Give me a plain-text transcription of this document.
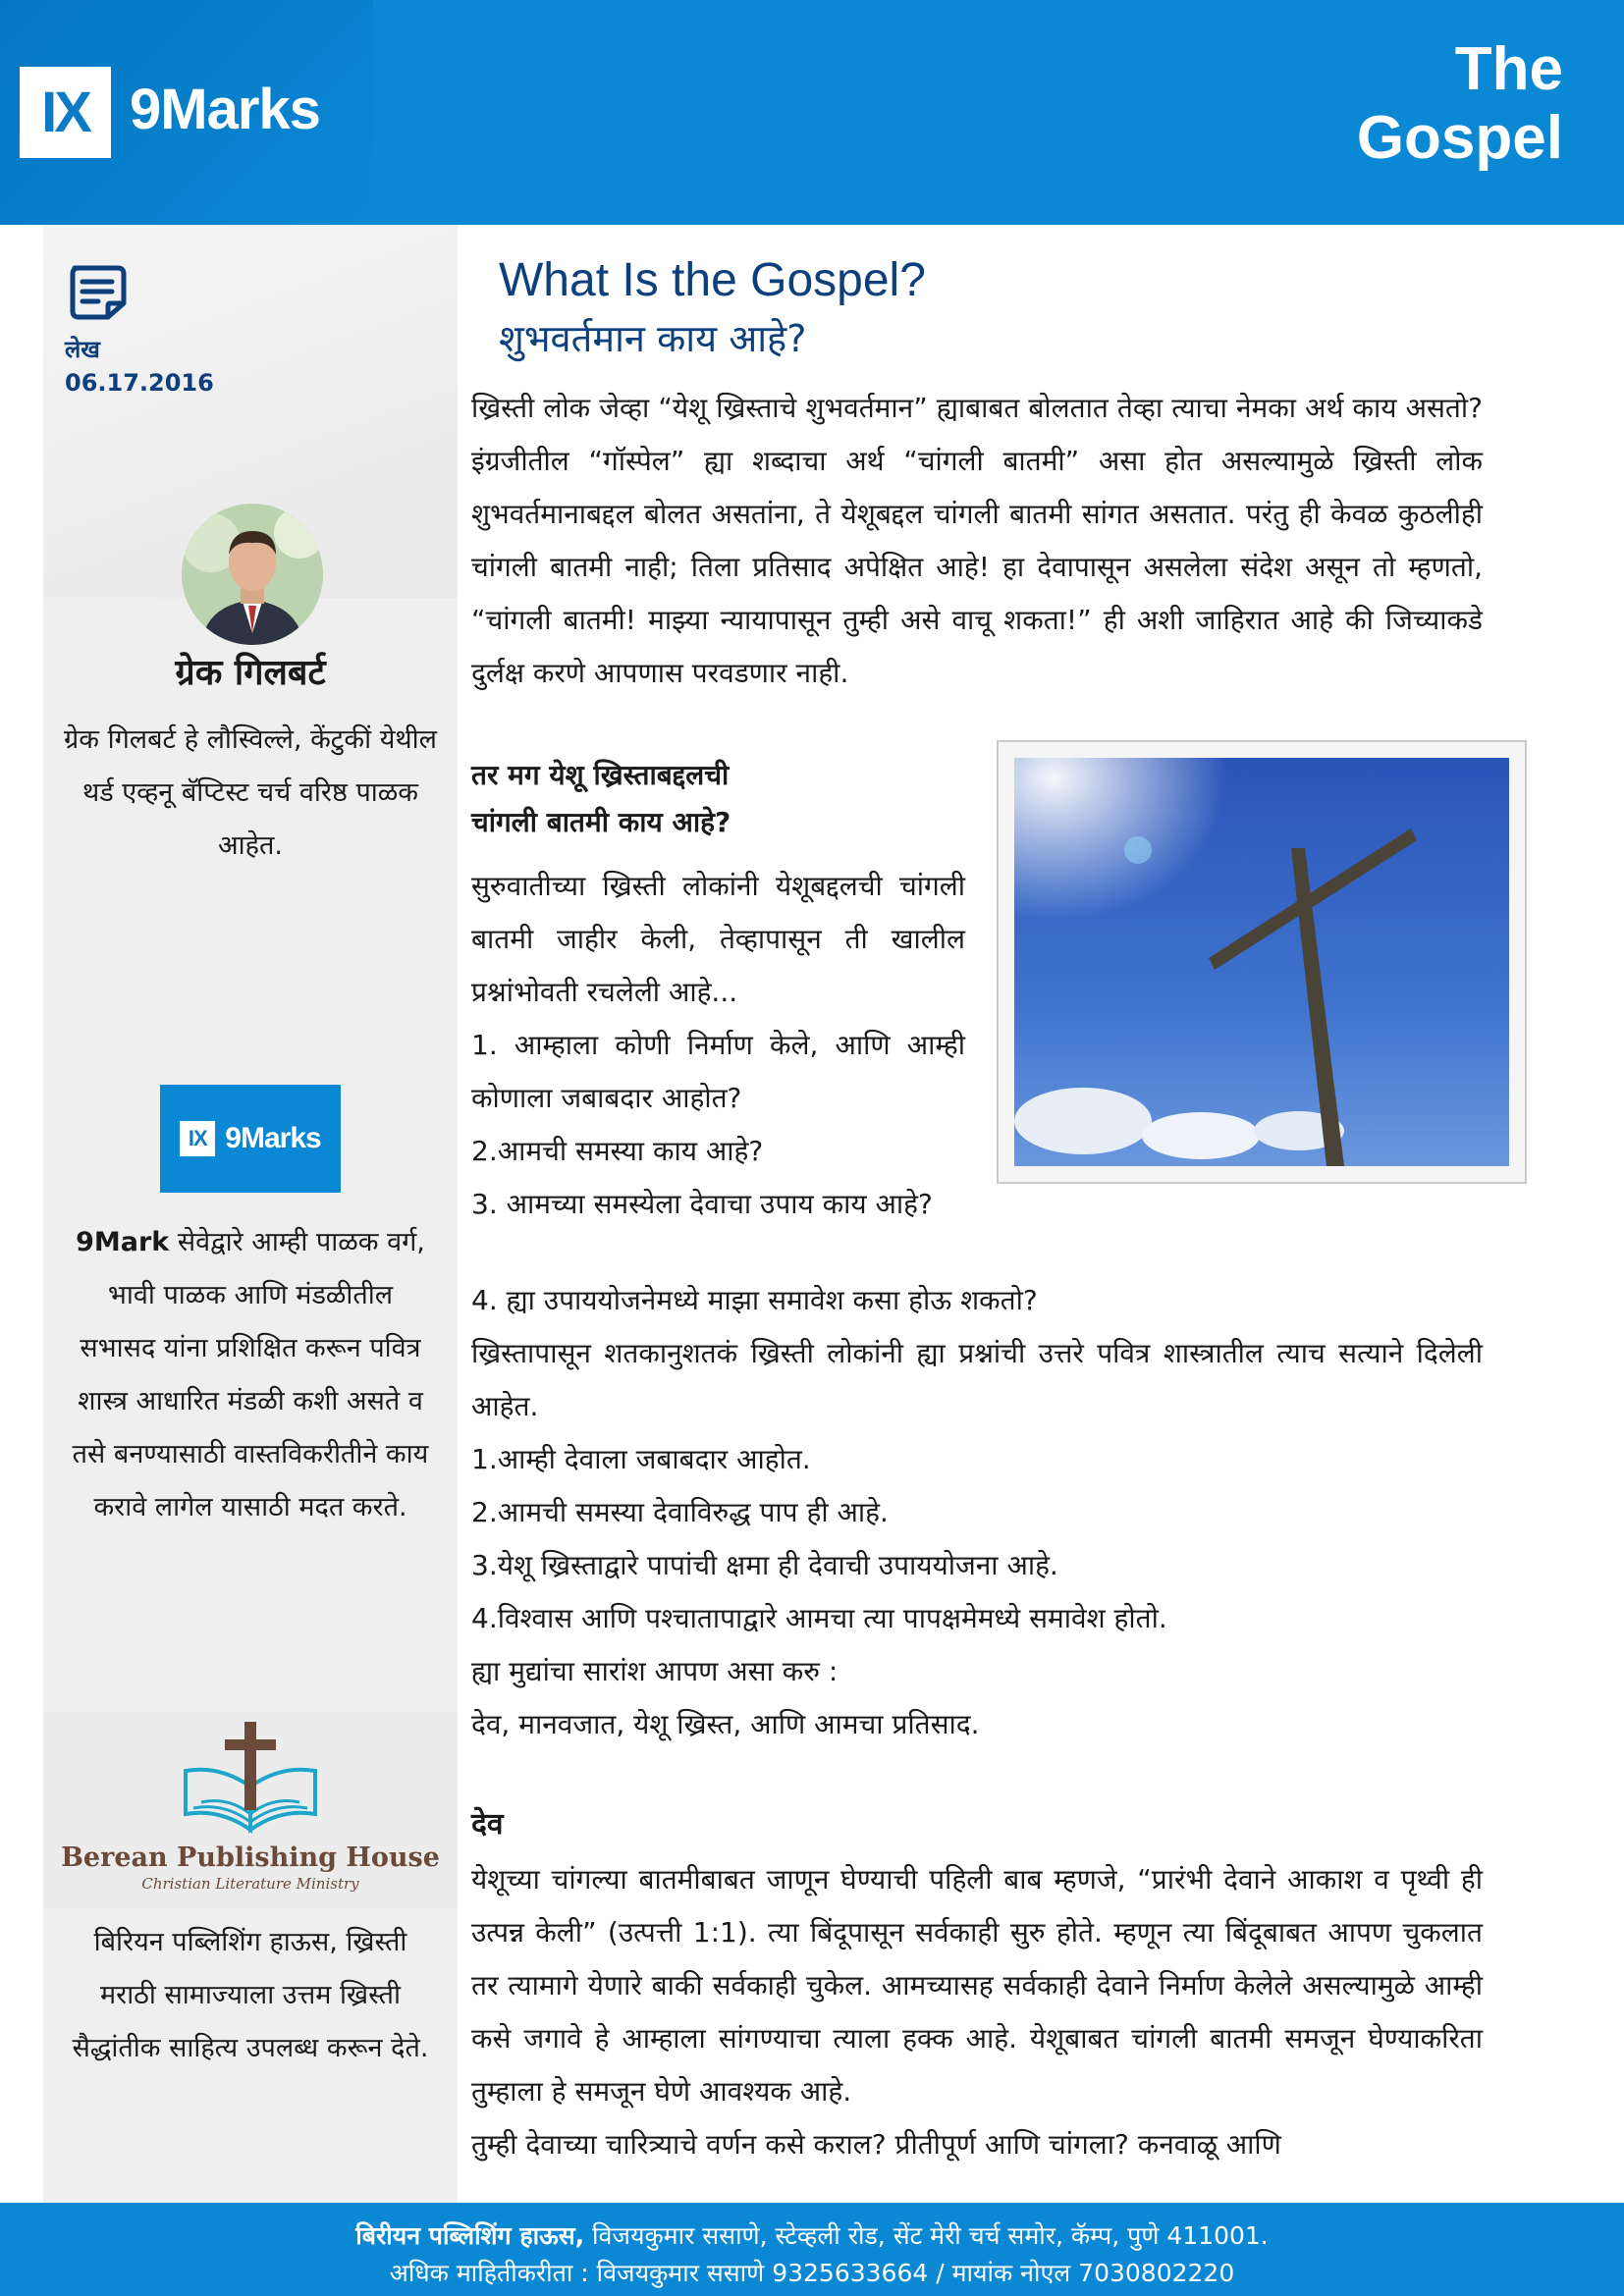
IX 9Marks
The
Gospel
लेख
06.17.2016
ग्रेक गिलबर्ट
ग्रेक गिलबर्ट हे लौस्विल्ले, केंटुकीं येथील थर्ड एव्हनू बॅप्टिस्ट चर्च वरिष्ठ पाळक आहेत.
IX 9Marks
9Mark सेवेद्वारे आम्ही पाळक वर्ग, भावी पाळक आणि मंडळीतील सभासद यांना प्रशिक्षित करून पवित्र शास्त्र आधारित मंडळी कशी असते व तसे बनण्यासाठी वास्तविकरीतीने काय करावे लागेल यासाठी मदत करते.
Berean Publishing House
Christian Literature Ministry
बिरियन पब्लिशिंग हाऊस, ख्रिस्ती मराठी सामाज्याला उत्तम ख्रिस्ती सैद्धांतीक साहित्य उपलब्ध करून देते.
What Is the Gospel?
शुभवर्तमान काय आहे?
ख्रिस्ती लोक जेव्हा “येशू ख्रिस्ताचे शुभवर्तमान” ह्याबाबत बोलतात तेव्हा त्याचा नेमका अर्थ काय असतो? इंग्रजीतील “गॉस्पेल” ह्या शब्दाचा अर्थ “चांगली बातमी” असा होत असल्यामुळे ख्रिस्ती लोक शुभवर्तमानाबद्दल बोलत असतांना, ते येशूबद्दल चांगली बातमी सांगत असतात. परंतु ही केवळ कुठलीही चांगली बातमी नाही; तिला प्रतिसाद अपेक्षित आहे! हा देवापासून असलेला संदेश असून तो म्हणतो, “चांगली बातमी! माझ्या न्यायापासून तुम्ही असे वाचू शकता!” ही अशी जाहिरात आहे की जिच्याकडे दुर्लक्ष करणे आपणास परवडणार नाही.
तर मग येशू ख्रिस्ताबद्दलची
चांगली बातमी काय आहे?
सुरुवातीच्या ख्रिस्ती लोकांनी येशूबद्दलची चांगली बातमी जाहीर केली, तेव्हापासून ती खालील प्रश्नांभोवती रचलेली आहे...
1. आम्हाला कोणी निर्माण केले, आणि आम्ही कोणाला जबाबदार आहोत?
2.आमची समस्या काय आहे?
3. आमच्या समस्येला देवाचा उपाय काय आहे?
4. ह्या उपाययोजनेमध्ये माझा समावेश कसा होऊ शकतो?
ख्रिस्तापासून शतकानुशतकं ख्रिस्ती लोकांनी ह्या प्रश्नांची उत्तरे पवित्र शास्त्रातील त्याच सत्याने दिलेली आहेत.
1.आम्ही देवाला जबाबदार आहोत.
2.आमची समस्या देवाविरुद्ध पाप ही आहे.
3.येशू ख्रिस्ताद्वारे पापांची क्षमा ही देवाची उपाययोजना आहे.
4.विश्वास आणि पश्चातापाद्वारे आमचा त्या पापक्षमेमध्ये समावेश होतो.
ह्या मुद्यांचा सारांश आपण असा करु :
देव, मानवजात, येशू ख्रिस्त, आणि आमचा प्रतिसाद.
देव
येशूच्या चांगल्या बातमीबाबत जाणून घेण्याची पहिली बाब म्हणजे, “प्रारंभी देवाने आकाश व पृथ्वी ही उत्पन्न केली” (उत्पत्ती 1:1). त्या बिंदूपासून सर्वकाही सुरु होते. म्हणून त्या बिंदूबाबत आपण चुकलात तर त्यामागे येणारे बाकी सर्वकाही चुकेल. आमच्यासह सर्वकाही देवाने निर्माण केलेले असल्यामुळे आम्ही कसे जगावे हे आम्हाला सांगण्याचा त्याला हक्क आहे. येशूबाबत चांगली बातमी समजून घेण्याकरिता तुम्हाला हे समजून घेणे आवश्यक आहे.
तुम्ही देवाच्या चारित्र्याचे वर्णन कसे कराल? प्रीतीपूर्ण आणि चांगला? कनवाळू आणि
बिरीयन पब्लिशिंग हाऊस, विजयकुमार ससाणे, स्टेव्हली रोड, सेंट मेरी चर्च समोर, कॅम्प, पुणे 411001.
अधिक माहितीकरीता : विजयकुमार ससाणे 9325633664 / मायांक नोएल 7030802220
